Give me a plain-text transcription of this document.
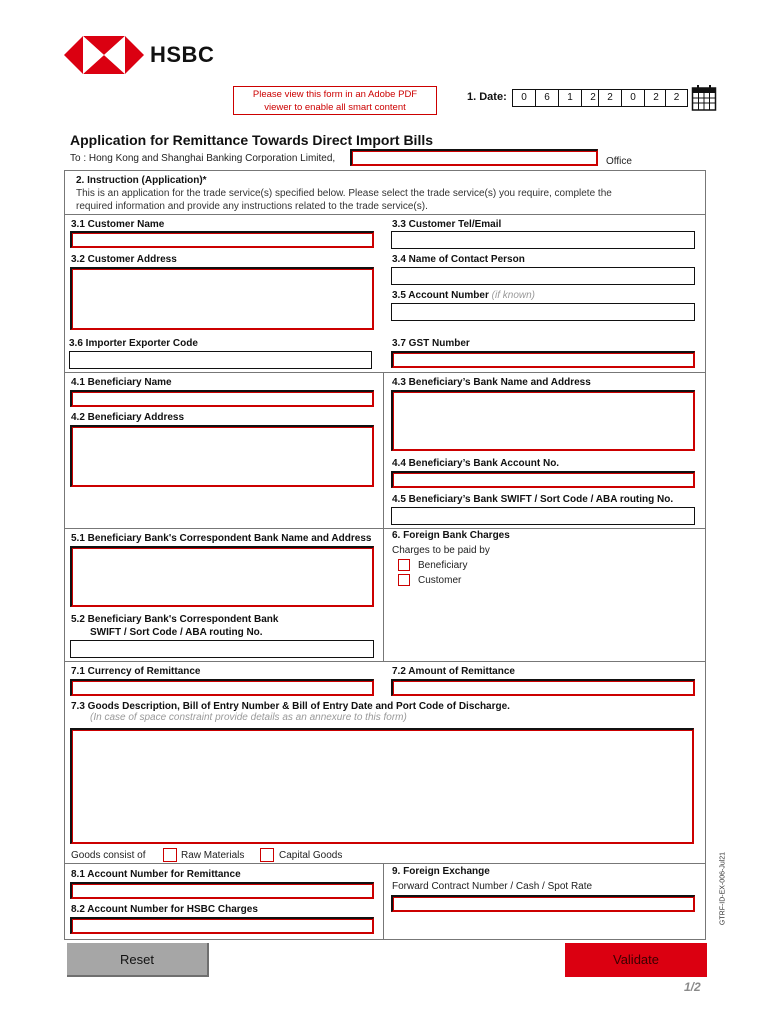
HSBC
Please view this form in an Adobe PDF
viewer to enable all smart content
1. Date:	0	6	1	2	2	0	2	2
Application for Remittance Towards Direct Import Bills
To : Hong Kong and Shanghai Banking Corporation Limited,	Office
2. Instruction (Application)*
This is an application for the trade service(s) specified below. Please select the trade service(s) you require, complete the
required information and provide any instructions related to the trade service(s).
3.1 Customer Name	3.3 Customer Tel/Email
3.2 Customer Address	3.4 Name of Contact Person
3.5 Account Number (if known)
3.6 Importer Exporter Code	3.7 GST Number
4.1 Beneficiary Name
4.2 Beneficiary Address
4.3 Beneficiary’s Bank Name and Address
4.4 Beneficiary’s Bank Account No.
4.5 Beneficiary’s Bank SWIFT / Sort Code / ABA routing No.
5.1 Beneficiary Bank's Correspondent Bank Name and Address
5.2 Beneficiary Bank's Correspondent Bank
SWIFT / Sort Code / ABA routing No.
6. Foreign Bank Charges
Charges to be paid by
Beneficiary
Customer
7.1 Currency of Remittance	7.2 Amount of Remittance
7.3 Goods Description, Bill of Entry Number & Bill of Entry Date and Port Code of Discharge.
(In case of space constraint provide details as an annexure to this form)
Goods consist of	Raw Materials	Capital Goods
8.1 Account Number for Remittance
8.2 Account Number for HSBC Charges
9. Foreign Exchange
Forward Contract Number / Cash / Spot Rate	GTRF-ID-EX-006-Jul21
Reset	Validate
1/2
